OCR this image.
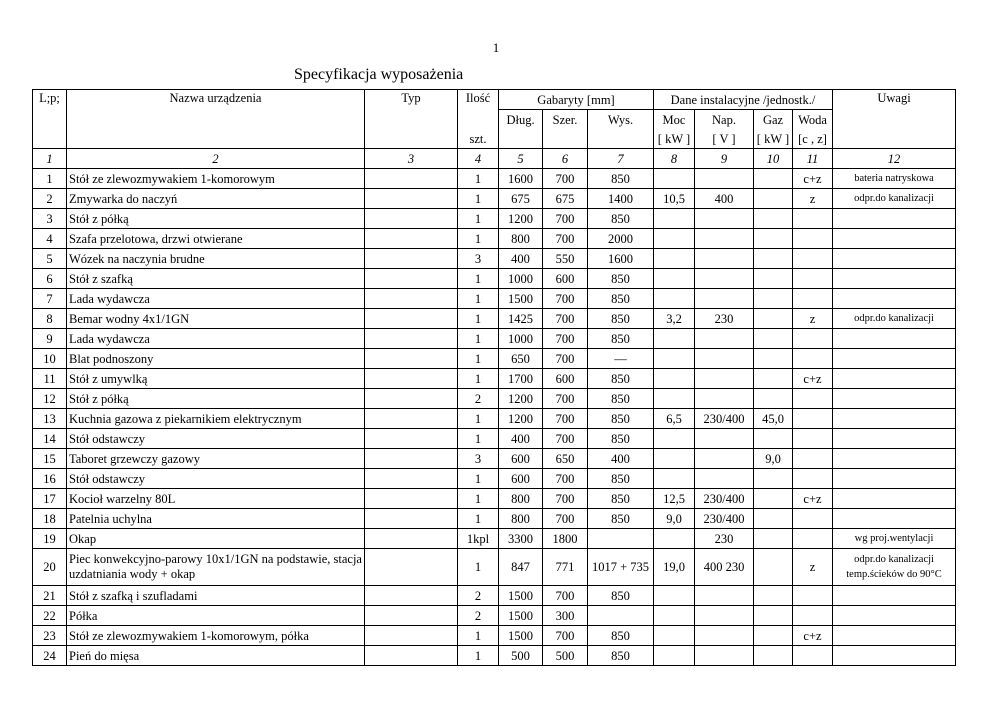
1
Specyfikacja wyposażenia
L;p;	Nazwa urządzenia	Typ	Ilość	Gabaryty [mm]			Dane instalacyjne /jednostk./				Uwagi
				Dług.	Szer.	Wys.	Moc	Nap.	Gaz	Woda	
			szt.				[ kW ]	[ V ]	[ kW ]	[c , z]	
1	2	3	4	5	6	7	8	9	10	11	12
1	Stół ze zlewozmywakiem 1-komorowym		1	1600	700	850				c+z	bateria natryskowa
2	Zmywarka do naczyń		1	675	675	1400	10,5	400		z	odpr.do kanalizacji
3	Stół z półką		1	1200	700	850					
4	Szafa przelotowa, drzwi otwierane		1	800	700	2000					
5	Wózek na naczynia brudne		3	400	550	1600					
6	Stół z szafką		1	1000	600	850					
7	Lada wydawcza		1	1500	700	850					
8	Bemar wodny 4x1/1GN		1	1425	700	850	3,2	230		z	odpr.do kanalizacji
9	Lada wydawcza		1	1000	700	850					
10	Blat podnoszony		1	650	700	—					
11	Stół z umywlką		1	1700	600	850				c+z	
12	Stół z półką		2	1200	700	850					
13	Kuchnia gazowa z piekarnikiem elektrycznym		1	1200	700	850	6,5	230/400	45,0		
14	Stół odstawczy		1	400	700	850					
15	Taboret grzewczy gazowy		3	600	650	400			9,0		
16	Stół odstawczy		1	600	700	850					
17	Kocioł warzelny 80L		1	800	700	850	12,5	230/400		c+z	
18	Patelnia uchylna		1	800	700	850	9,0	230/400			
19	Okap		1kpl	3300	1800			230			wg proj.wentylacji
20	Piec konwekcyjno-parowy 10x1/1GN na podstawie, stacja uzdatniania wody + okap		1	847	771	1017 + 735	19,0	400 230		z	odpr.do kanalizacji temp.ścieków do 90°C
21	Stół z szafką i szufladami		2	1500	700	850					
22	Półka		2	1500	300						
23	Stół ze zlewozmywakiem 1-komorowym, półka		1	1500	700	850				c+z	
24	Pień do mięsa		1	500	500	850					
